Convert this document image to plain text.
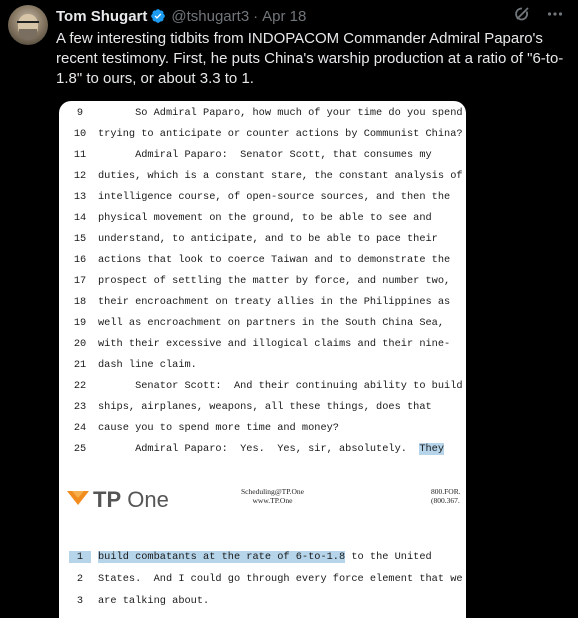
Tom Shugart @tshugart3 · Apr 18
A few interesting tidbits from INDOPACOM Commander Admiral Paparo's recent testimony. First, he puts China's warship production at a ratio of "6-to-1.8" to ours, or about 3.3 to 1.
9	So Admiral Paparo, how much of your time do you spend
10	trying to anticipate or counter actions by Communist China?
11	Admiral Paparo:  Senator Scott, that consumes my
12	duties, which is a constant stare, the constant analysis of
13	intelligence course, of open-source sources, and then the
14	physical movement on the ground, to be able to see and
15	understand, to anticipate, and to be able to pace their
16	actions that look to coerce Taiwan and to demonstrate the
17	prospect of settling the matter by force, and number two,
18	their encroachment on treaty allies in the Philippines as
19	well as encroachment on partners in the South China Sea,
20	with their excessive and illogical claims and their nine-
21	dash line claim.
22	Senator Scott:  And their continuing ability to build
23	ships, airplanes, weapons, all these things, does that
24	cause you to spend more time and money?
25	Admiral Paparo:  Yes.  Yes, sir, absolutely.  They
TP One	Scheduling@TP.One
www.TP.One
800.FOR.
(800.367.
1	build combatants at the rate of 6-to-1.8 to the United
2	States.  And I could go through every force element that we
3	are talking about.
